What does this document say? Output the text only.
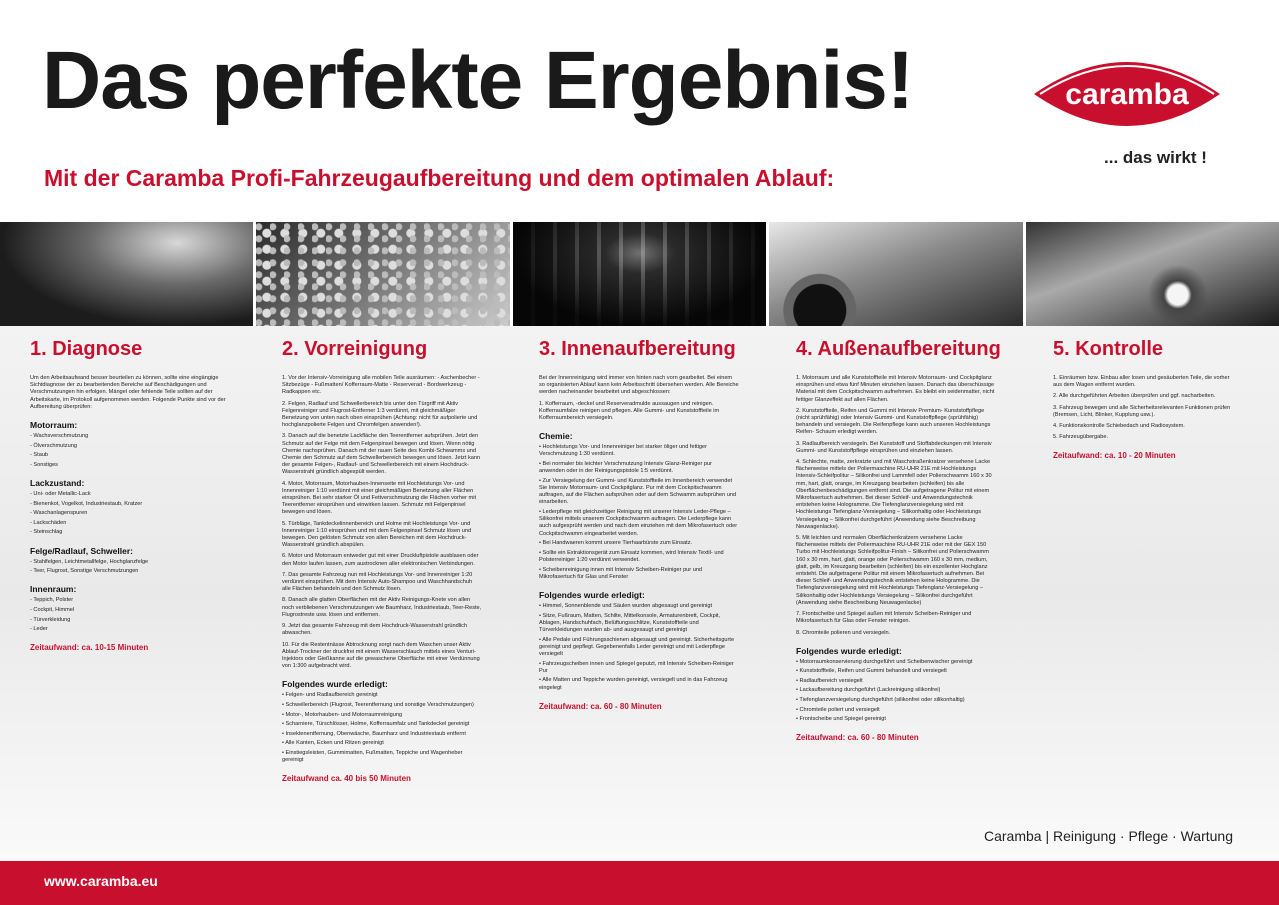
Das perfekte Ergebnis!
Mit der Caramba Profi-Fahrzeugaufbereitung und dem optimalen Ablauf:
caramba
... das wirkt !
1. Diagnose

Um den Arbeitsaufwand besser beurteilen zu können, sollte eine eingängige Sichtdiagnose der zu bearbeitenden Bereiche auf Beschädigungen und Verschmutzungen hin erfolgen. Mängel oder fehlende Teile sollten auf der Arbeitskarte, im Protokoll aufgenommen werden. Folgende Punkte sind vor der Aufbereitung überprüfen:

Motorraum:
- Wachsverschmutzung
- Ölverschmutzung
- Staub
- Sonstiges
Lackzustand:
- Uni- oder Metallic-Lack
- Bienenkot, Vogelkot, Industriestaub, Kratzer
- Waschanlagenspuren
- Lackschäden
- Steinschlag
Felge/Radlauf, Schweller:
- Stahlfelgen, Leichtmetallfelge, Hochglanzfelge
- Teer, Flugrost, Sonstige Verschmutzungen
Innenraum:
- Teppich, Polster
- Cockpit, Himmel
- Türverkleidung
- Leder
Zeitaufwand: ca. 10-15 Minuten
2. Vorreinigung

1. Vor der Intensiv-Vorreinigung alle mobilen Teile ausräumen: - Aschenbecher - Sitzbezüge - Fußmatten/ Kofferraum-Matte - Reserverad - Bordwerkzeug - Radkappen etc.

2. Felgen, Radlauf und Schwellerbereich bis unter den Türgriff mit Aktiv Felgenreiniger und Flugrost-Entferner 1:3 verdünnt, mit gleichmäßiger Benetzung von unten nach oben einsprühen (Achtung: nicht für aufpolierte und hochglanzpolierte Felgen und Chromfelgen anwenden!).

3. Danach auf die benetzte Lackfläche den Teerentferner aufsprühen. Jetzt den Schmutz auf der Felge mit dem Felgenpinsel bewegen und lösen. Wenn nötig Chemie nachsprühen. Danach mit der rauen Seite des Kombi-Schwamms und Chemie den Schmutz auf dem Schwellerbereich bewegen und lösen. Jetzt kann der gesamte Felgen-, Radlauf- und Schwellerbereich mit einem Hochdruck-Wasserstrahl gründlich abgespült werden.

4. Motor, Motorraum, Motorhauben-Innenseite mit Hochleistungs Vor- und Innenreiniger 1:10 verdünnt mit einer gleichmäßigen Benetzung aller Flächen einsprühen. Bei sehr starker Öl und Fettverschmutzung die Flächen vorher mit Teerentferner einsprühen und einwirken lassen. Schmutz mit Felgenpinsel bewegen und lösen.

5. Türbläge, Tankdeckelinnenbereich und Holme mit Hochleistungs Vor- und Innenreiniger 1:10 einsprühen und mit dem Felgenpinsel Schmutz lösen und bewegen. Den gelösten Schmutz von allen Bereichen mit dem Hochdruck-Wasserstrahl gründlich abspülen.

6. Motor und Motorraum entweder gut mit einer Druckluftpistole ausblasen oder den Motor laufen lassen, zum austrocknen aller elektronischen Verbindungen.

7. Das gesamte Fahrzeug nun mit Hochleistungs Vor- und Innenreiniger 1:20 verdünnt einsprühen. Mit dem Intensiv Auto-Shampoo und Waschhandschuh alle Flächen behandeln und den Schmutz lösen.

8. Danach alle glatten Oberflächen mit der Aktiv Reinigungs-Knete von allen noch verbliebenen Verschmutzungen wie Baumharz, Industriestaub, Teer-Reste, Flugrostreste usw. lösen und entfernen.

9. Jetzt das gesamte Fahrzeug mit dem Hochdruck-Wasserstrahl gründlich abwaschen.

10. Für die Restentnässe Abtrocknung sorgt nach dem Waschen unser Aktiv Ablauf-Trockner der druckfrei mit einem Wasserschlauch mittels eines Venturi-Injektors oder Gießkanne auf die gewaschene Oberfläche mit einer Verdünnung von 1:300 aufgebracht wird.

Folgendes wurde erledigt:
• Felgen- und Radlaufbereich gereinigt
• Schwellerbereich (Flugrost, Teerentfernung und sonstige Verschmutzungen)
• Motor-, Motorhauben- und Motorraumreinigung
• Scharniere, Türschlösser, Holme, Kofferraumfalz und Tankdeckel gereinigt
• Insektenentfernung, Obenwäsche, Baumharz und Industriestaub entfernt
• Alle Kanten, Ecken und Ritzen gereinigt
• Einstiegsleisten, Gummimatten, Fußmatten, Teppiche und Wagenheber gereinigt
Zeitaufwand ca. 40 bis 50 Minuten
3. Innenaufbereitung

Bei der Innenreinigung wird immer von hinten nach vorn gearbeitet. Bei einem so organisierten Ablauf kann kein Arbeitsschritt übersehen werden. Alle Bereiche werden nacheinander bearbeitet und abgeschlossen:

1. Kofferraum, -deckel und Reserveradmulde aussaugen und reinigen. Kofferraumfalze reinigen und pflegen. Alle Gummi- und Kunststoffteile im Kofferraumbereich versiegeln.

Chemie:
• Hochleistungs Vor- und Innenreiniger bei starker öliger und fettiger Verschmutzung 1:30 verdünnt.
• Bei normaler bis leichter Verschmutzung Intensiv Glanz-Reiniger pur anwenden oder in der Reinigungspistole 1:5 verdünnt.
• Zur Versiegelung der Gummi- und Kunststoffteile im Innenbereich verwendet Sie Intensiv Motorraum- und Cockpitglanz. Pur mit dem Cockpitschwamm auftragen, auf die Flächen aufsprühen oder auf dem Schwamm aufsprühen und einarbeiten.
• Lederpflege mit gleichzeitiger Reinigung mit unserer Intensiv Leder-Pflege – Silikonfrei mittels unserem Cockpitschwamm auftragen. Die Lederpflege kann auch aufgesprüht werden und nach dem einziehen mit dem Mikrofasertuch oder Cockpitschwamm eingearbeitet werden.
• Bei Handwaeren kommt unsere Tierhaarbürste zum Einsatz.
• Sollte ein Extraktionsgerät zum Einsatz kommen, wird Intensiv Textil- und Polsterreiniger 1:20 verdünnt verwendet.
• Scheibenreinigung innen mit Intensiv Scheiben-Reiniger pur und Mikrofasertuch für Glas und Fenster
Folgendes wurde erledigt:
• Himmel, Sonnenblende und Säulen wurden abgesaugt und gereinigt
• Sitze, Fußraum, Matten, Schilte, Mittelkonsole, Armaturenbrett, Cockpit, Ablagen, Handschuhfach, Belüftungsschlitze, Kunststoffteile und Türverkleidungen wurden ab- und ausgesaugt und gereinigt
• Alle Pedale und Führungsschienen abgesaugt und gereinigt. Sicherheitsgurte gereinigt und gepflegt. Gegebenenfalls Leder gereinigt und mit Lederpflege versiegelt
• Fahrzeugscheiben innen und Spiegel geputzt, mit Intensiv Scheiben-Reiniger Pur
• Alle Matten und Teppiche wurden gereinigt, versiegelt und in das Fahrzeug eingelegt
Zeitaufwand: ca. 60 - 80 Minuten
4. Außenaufbereitung

1. Motorraum und alle Kunststoffteile mit Intensiv Motorraum- und Cockpitglanz einsprühen und etwa fünf Minuten einziehen lassen. Danach das überschüssige Material mit dem Cockpitschwamm aufnehmen. Es bleibt ein seidenmatter, nicht fettiger Glanzeffekt auf allen Flächen.

2. Kunststoffteile, Reifen und Gummi mit Intensiv Premium- Kunststoffpflege (nicht sprühfähig) oder Intensiv Gummi- und Kunststoffpflege (sprühfähig) behandeln und versiegeln. Die Reifenpflege kann auch unseren Hochleistungs Reifen- Schaum erledigt werden.

3. Radlaufbereich versiegeln. Bei Kunststoff und Stoffabdeckungen mit Intensiv Gummi- und Kunststoffpflege einsprühen und einziehen lassen.

4. Schlechte, matte, zerkratzte und mit Waschstraßenkratzer versehene Lacke flächenweise mittels der Poliermaschine RU-UHR 21E mit Hochleistungs Intensiv-Schleifpolitur – Silikonfrei und Lammfell oder Polierschwamm 160 x 30 mm, hart, glatt, orange, im Kreuzgang bearbeiten (schleifen) bis alle Oberflächenbeschädigungen entfernt sind. Die aufgetragene Politur mit einem Mikrofasertuch aufnehmen. Bei dieser Schleif- und Anwendungstechnik entstehen keine Hologramme. Die Tiefenglanzversiegelung wird mit Hochleistungs Tiefenglanz-Versiegelung – Silikonhaltig oder Hochleistungs Versiegelung – Silikonfrei durchgeführt (Anwendung siehe Beschreibung Neuwagenlacke).

5. Mit leichten und normalen Oberflächenkratzern versehene Lacke flächenweise mittels der Poliermaschine RU-UHR 21E oder mit der GEX 150 Turbo mit Hochleistungs Schleifpolitur-Finish – Silikonfrei und Polierschwamm 160 x 30 mm, hart, glatt, orange oder Polierschwamm 160 x 30 mm, medium, glatt, gelb, im Kreuzgang bearbeiten (schleifen) bis ein exzellenter Hochglanz entsteht. Die aufgetragene Politur mit einem Mikrofasertuch aufnehmen. Bei dieser Schleif- und Anwendungstechnik entstehen keine Hologramme. Die Tiefenglanzversiegelung wird mit Hochleistungs Tiefenglanz-Versiegelung – Silikonhaltig oder Hochleistungs Versiegelung – Silikonfrei durchgeführt (Anwendung siehe Beschreibung Neuwagenlacke)

7. Frontscheibe und Spiegel außen mit Intensiv Scheiben-Reiniger und Mikrofasertuch für Glas oder Fenster reinigen.

8. Chromteile polieren und versiegeln.

Folgendes wurde erledigt:
• Motorraumkonservierung durchgeführt und Scheibenwischer gereinigt
• Kunststoffteile, Reifen und Gummi behandelt und versiegelt
• Radlaufbereich versiegelt
• Lackaufbereitung durchgeführt (Lackreinigung silikonfrei)
• Tiefenglanzversiegelung durchgeführt (silikonfrei oder silikonhaltig)
• Chromteile poliert und versiegelt
• Frontscheibe und Spiegel gereinigt
Zeitaufwand: ca. 60 - 80 Minuten
5. Kontrolle

1. Einräumen bzw. Einbau aller losen und gesäuberten Teile, die vorher aus dem Wagen entfernt wurden.

2. Alle durchgeführten Arbeiten überprüfen und ggf. nacharbeiten.

3. Fahrzeug bewegen und alle Sicherheitsrelevanten Funktionen prüfen (Bremsen, Licht, Blinker, Kupplung usw.).

4. Funktionskontrolle Schiebedach und Radiosystem.

5. Fahrzeugübergabe.

Zeitaufwand: ca. 10 - 20 Minuten
Caramba | Reinigung · Pflege · Wartung
www.caramba.eu
